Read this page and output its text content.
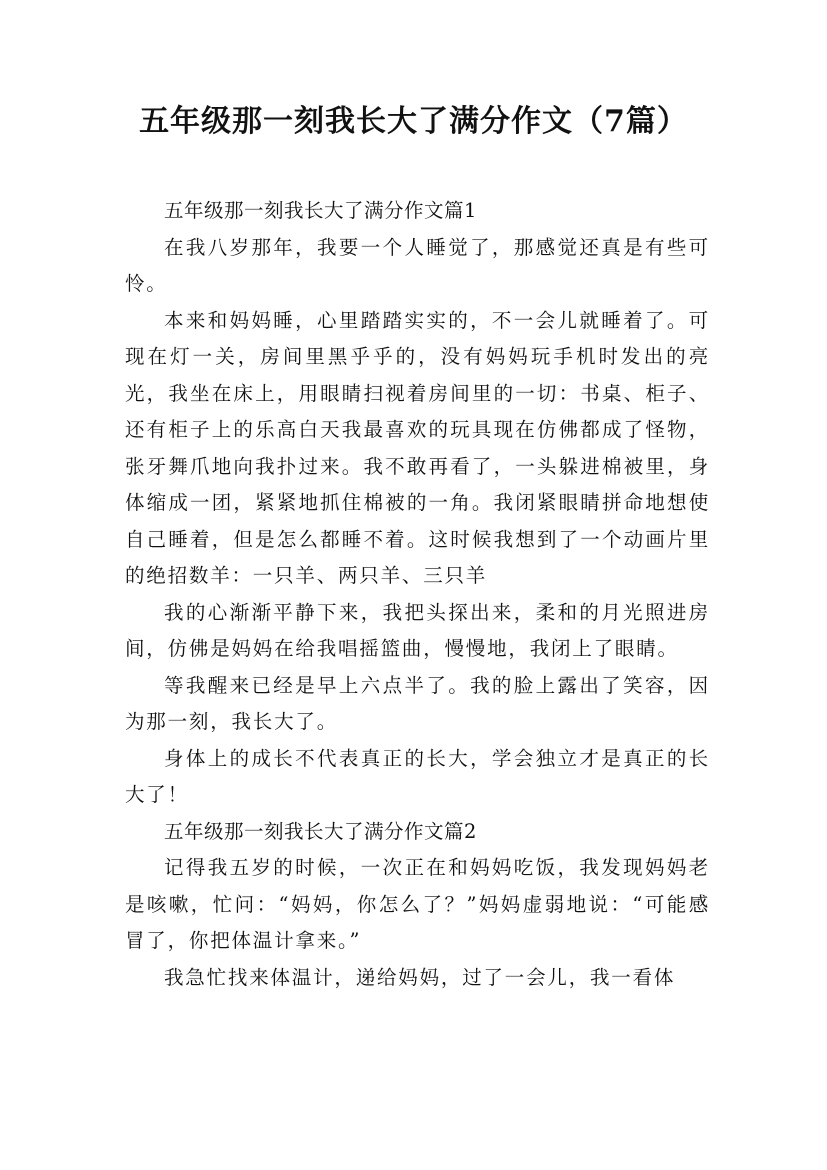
五年级那一刻我长大了满分作文（7篇）

五年级那一刻我长大了满分作文篇1

在我八岁那年，我要一个人睡觉了，那感觉还真是有些可怜。

本来和妈妈睡，心里踏踏实实的，不一会儿就睡着了。可现在灯一关，房间里黑乎乎的，没有妈妈玩手机时发出的亮光，我坐在床上，用眼睛扫视着房间里的一切：书桌、柜子、还有柜子上的乐高白天我最喜欢的玩具现在仿佛都成了怪物，张牙舞爪地向我扑过来。我不敢再看了，一头躲进棉被里，身体缩成一团，紧紧地抓住棉被的一角。我闭紧眼睛拼命地想使自己睡着，但是怎么都睡不着。这时候我想到了一个动画片里的绝招数羊：一只羊、两只羊、三只羊

我的心渐渐平静下来，我把头探出来，柔和的月光照进房间，仿佛是妈妈在给我唱摇篮曲，慢慢地，我闭上了眼睛。

等我醒来已经是早上六点半了。我的脸上露出了笑容，因为那一刻，我长大了。

身体上的成长不代表真正的长大，学会独立才是真正的长大了！

五年级那一刻我长大了满分作文篇2

记得我五岁的时候，一次正在和妈妈吃饭，我发现妈妈老是咳嗽，忙问：“妈妈，你怎么了？”妈妈虚弱地说：“可能感冒了，你把体温计拿来。”

我急忙找来体温计，递给妈妈，过了一会儿，我一看体
